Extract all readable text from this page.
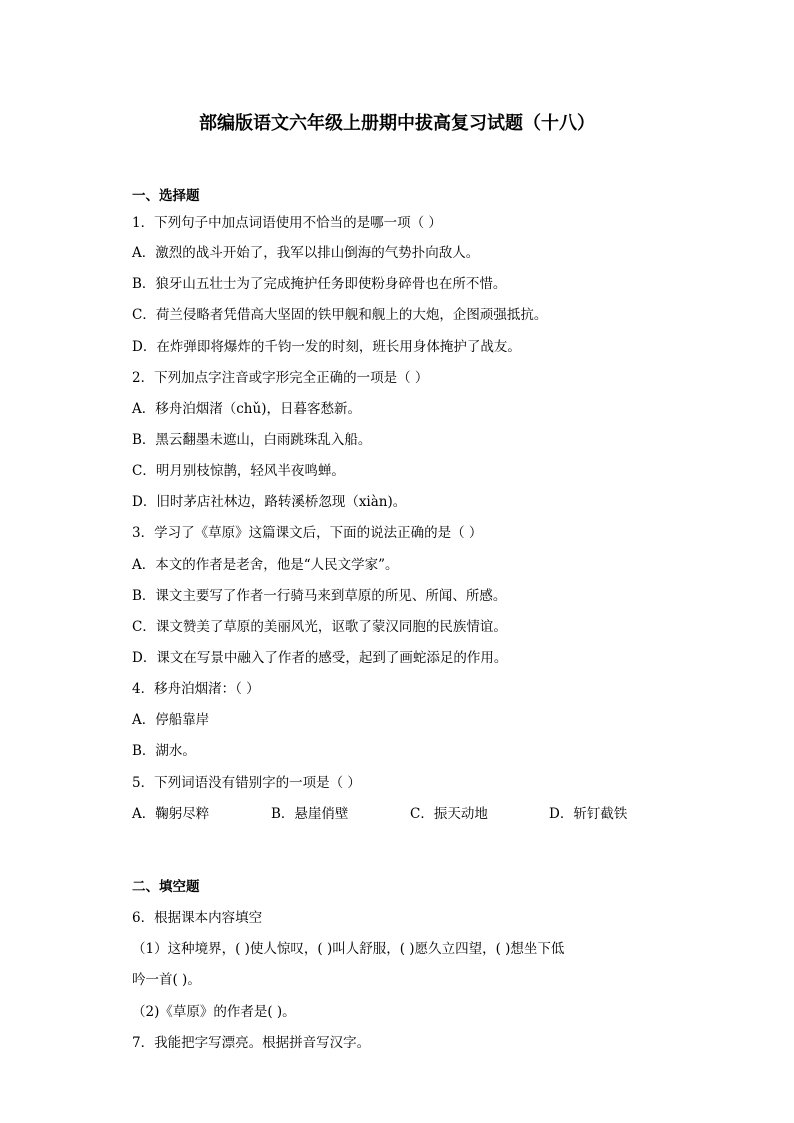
部编版语文六年级上册期中拔高复习试题（十八）
一、选择题
1．下列句子中加点词语使用不恰当的是哪一项（ ）
A．激烈的战斗开始了，我军以排山倒海的气势扑向敌人。
B．狼牙山五壮士为了完成掩护任务即使粉身碎骨也在所不惜。
C．荷兰侵略者凭借高大坚固的铁甲舰和舰上的大炮，企图顽强抵抗。
D．在炸弹即将爆炸的千钧一发的时刻，班长用身体掩护了战友。
2．下列加点字注音或字形完全正确的一项是（ ）
A．移舟泊烟渚（chǔ)，日暮客愁新。
B．黑云翻墨未遮山，白雨跳珠乱入船。
C．明月别枝惊鹊，轻风半夜鸣蝉。
D．旧时茅店社林边，路转溪桥忽现（xiàn)。
3．学习了《草原》这篇课文后，下面的说法正确的是（ ）
A．本文的作者是老舍，他是“人民文学家”。
B．课文主要写了作者一行骑马来到草原的所见、所闻、所感。
C．课文赞美了草原的美丽风光，讴歌了蒙汉同胞的民族情谊。
D．课文在写景中融入了作者的感受，起到了画蛇添足的作用。
4．移舟泊烟渚：（ ）
A．停船靠岸
B．湖水。
5．下列词语没有错别字的一项是（ ）
A．鞠躬尽粹	B．悬崖俏壁	C．振天动地	D．斩钉截铁
二、填空题
6．根据课本内容填空
（1）这种境界，( )使人惊叹，( )叫人舒服，( )愿久立四望，( )想坐下低
吟一首( )。
（2)《草原》的作者是( )。
7．我能把字写漂亮。根据拼音写汉字。
